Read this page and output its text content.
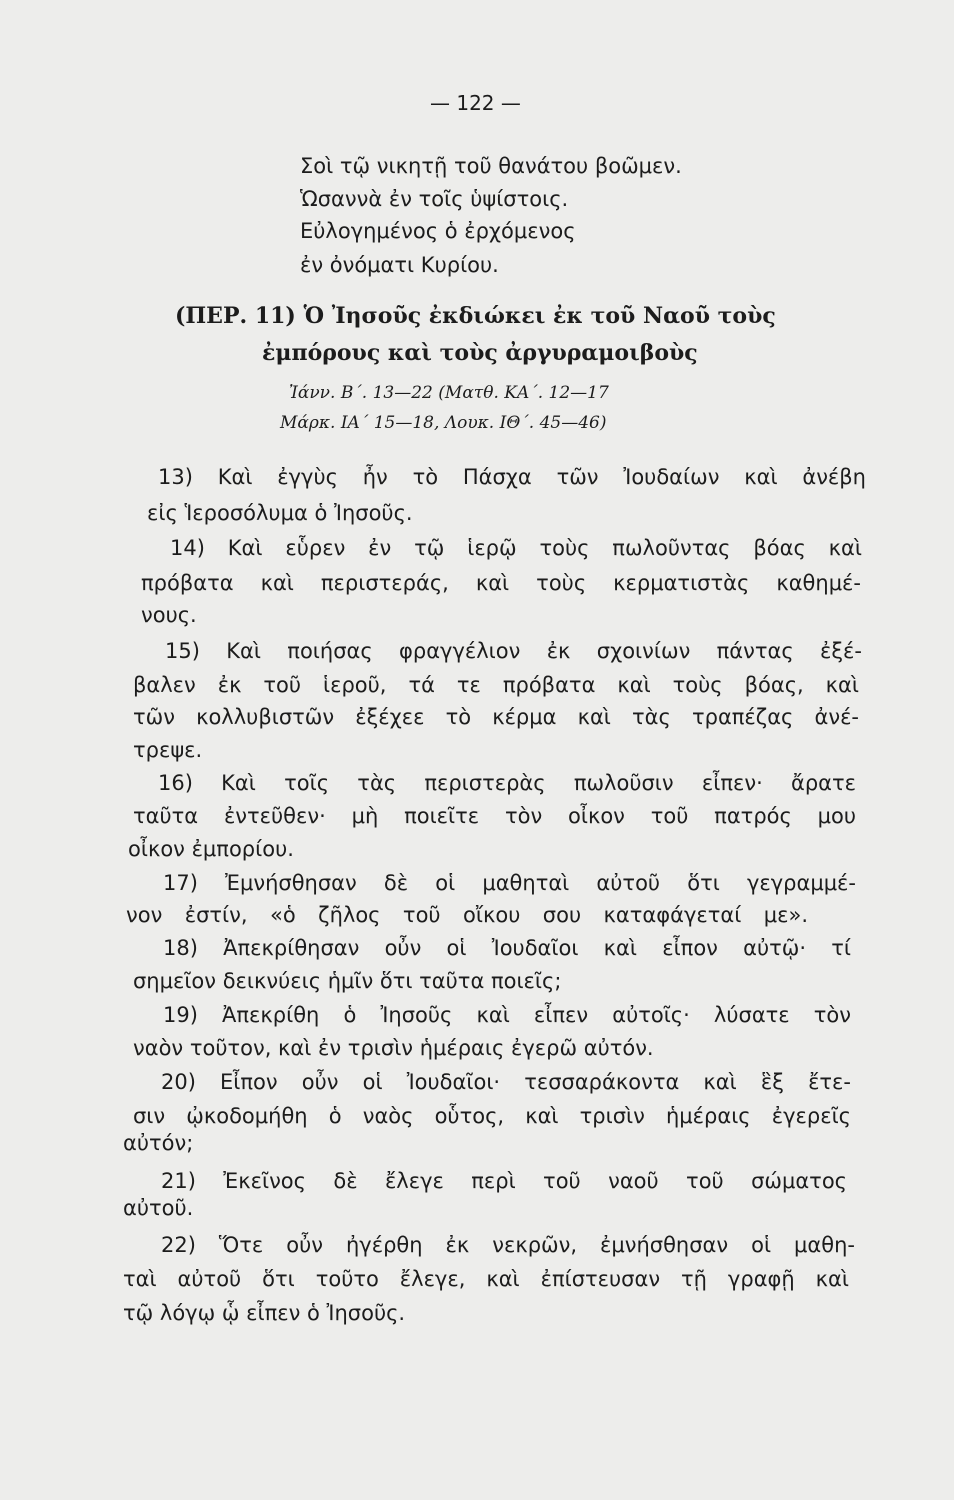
— 122 —
Σοὶ τῷ νικητῇ τοῦ θανάτου βοῶμεν.
Ὡσαννὰ ἐν τοῖς ὑψίστοις.
Εὐλογημένος ὁ ἐρχόμενος
ἐν ὀνόματι Κυρίου.
(ΠΕΡ. 11) Ὁ Ἰησοῦς ἐκδιώκει ἐκ τοῦ Ναοῦ τοὺς
ἐμπόρους καὶ τοὺς ἀργυραμοιβοὺς
Ἰάνν. Β΄. 13—22 (Ματθ. ΚΑ΄. 12—17
Μάρκ. ΙΑ΄ 15—18, Λουκ. ΙΘ΄. 45—46)
13) Καὶ ἐγγὺς ἦν τὸ Πάσχα τῶν Ἰουδαίων καὶ ἀνέβη
εἰς Ἱεροσόλυμα ὁ Ἰησοῦς.
14) Καὶ εὗρεν ἐν τῷ ἱερῷ τοὺς πωλοῦντας βόας καὶ
πρόβατα καὶ περιστεράς, καὶ τοὺς κερματιστὰς καθημέ-
νους.
15) Καὶ ποιήσας φραγγέλιον ἐκ σχοινίων πάντας ἐξέ-
βαλεν ἐκ τοῦ ἱεροῦ, τά τε πρόβατα καὶ τοὺς βόας, καὶ
τῶν κολλυβιστῶν ἐξέχεε τὸ κέρμα καὶ τὰς τραπέζας ἀνέ-
τρεψε.
16) Καὶ τοῖς τὰς περιστερὰς πωλοῦσιν εἶπεν· ἄρατε
ταῦτα ἐντεῦθεν· μὴ ποιεῖτε τὸν οἶκον τοῦ πατρός μου
οἶκον ἐμπορίου.
17) Ἐμνήσθησαν δὲ οἱ μαθηταὶ αὐτοῦ ὅτι γεγραμμέ-
νον ἐστίν, «ὁ ζῆλος τοῦ οἴκου σου καταφάγεταί με».
18) Ἀπεκρίθησαν οὖν οἱ Ἰουδαῖοι καὶ εἶπον αὐτῷ· τί
σημεῖον δεικνύεις ἡμῖν ὅτι ταῦτα ποιεῖς;
19) Ἀπεκρίθη ὁ Ἰησοῦς καὶ εἶπεν αὐτοῖς· λύσατε τὸν
ναὸν τοῦτον, καὶ ἐν τρισὶν ἡμέραις ἐγερῶ αὐτόν.
20) Εἶπον οὖν οἱ Ἰουδαῖοι· τεσσαράκοντα καὶ ἓξ ἔτε-
σιν ᾠκοδομήθη ὁ ναὸς οὗτος, καὶ τρισὶν ἡμέραις ἐγερεῖς
αὐτόν;
21) Ἐκεῖνος δὲ ἔλεγε περὶ τοῦ ναοῦ τοῦ σώματος
αὐτοῦ.
22) Ὅτε οὖν ἠγέρθη ἐκ νεκρῶν, ἐμνήσθησαν οἱ μαθη-
ταὶ αὐτοῦ ὅτι τοῦτο ἔλεγε, καὶ ἐπίστευσαν τῇ γραφῇ καὶ
τῷ λόγῳ ᾧ εἶπεν ὁ Ἰησοῦς.
